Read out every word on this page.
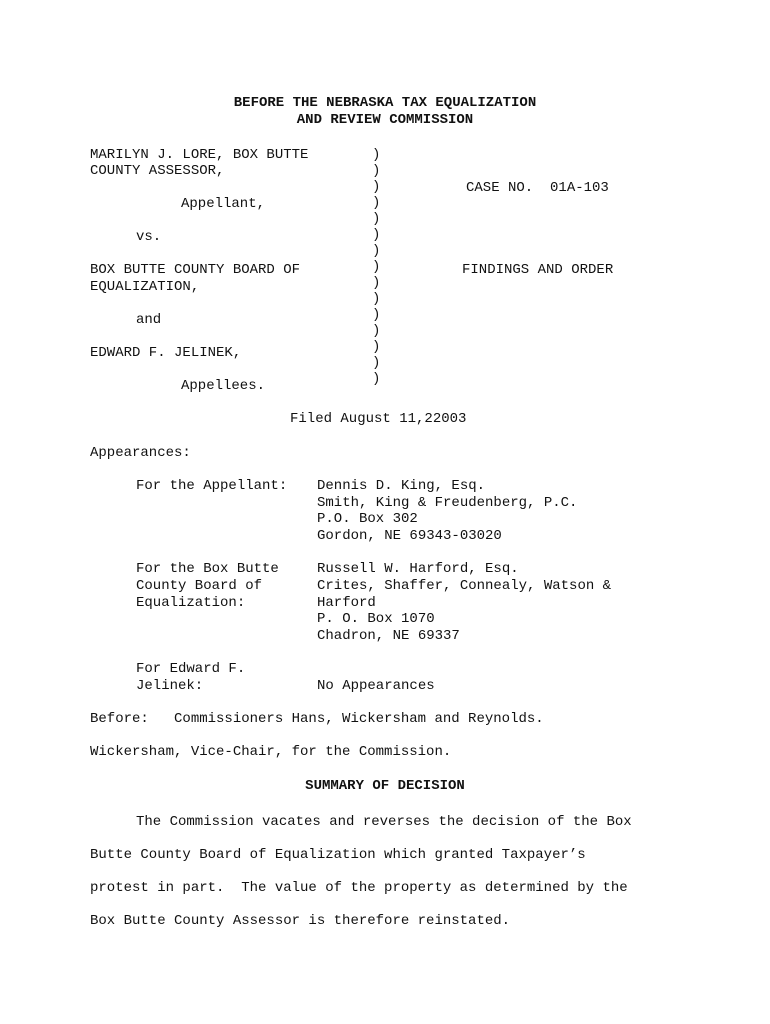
BEFORE THE NEBRASKA TAX EQUALIZATION
AND REVIEW COMMISSION
MARILYN J. LORE, BOX BUTTE
COUNTY ASSESSOR,
Appellant,
vs.
BOX BUTTE COUNTY BOARD OF
EQUALIZATION,
and
EDWARD F. JELINEK,
Appellees.
)
)
)
)
)
)
)
)
)
)
)
)
)
)
)
CASE NO.  01A-103
FINDINGS AND ORDER
Filed August 11,22003
Appearances:
For the Appellant: Dennis D. King, Esq.
Smith, King & Freudenberg, P.C.
P.O. Box 302
Gordon, NE 69343-03020
For the Box Butte
County Board of
Equalization:
Russell W. Harford, Esq.
Crites, Shaffer, Connealy, Watson &
Harford
P. O. Box 1070
Chadron, NE 69337
For Edward F.
Jelinek:	No Appearances
Before:   Commissioners Hans, Wickersham and Reynolds.
Wickersham, Vice-Chair, for the Commission.
SUMMARY OF DECISION
The Commission vacates and reverses the decision of the Box
Butte County Board of Equalization which granted Taxpayer’s
protest in part.  The value of the property as determined by the
Box Butte County Assessor is therefore reinstated.
